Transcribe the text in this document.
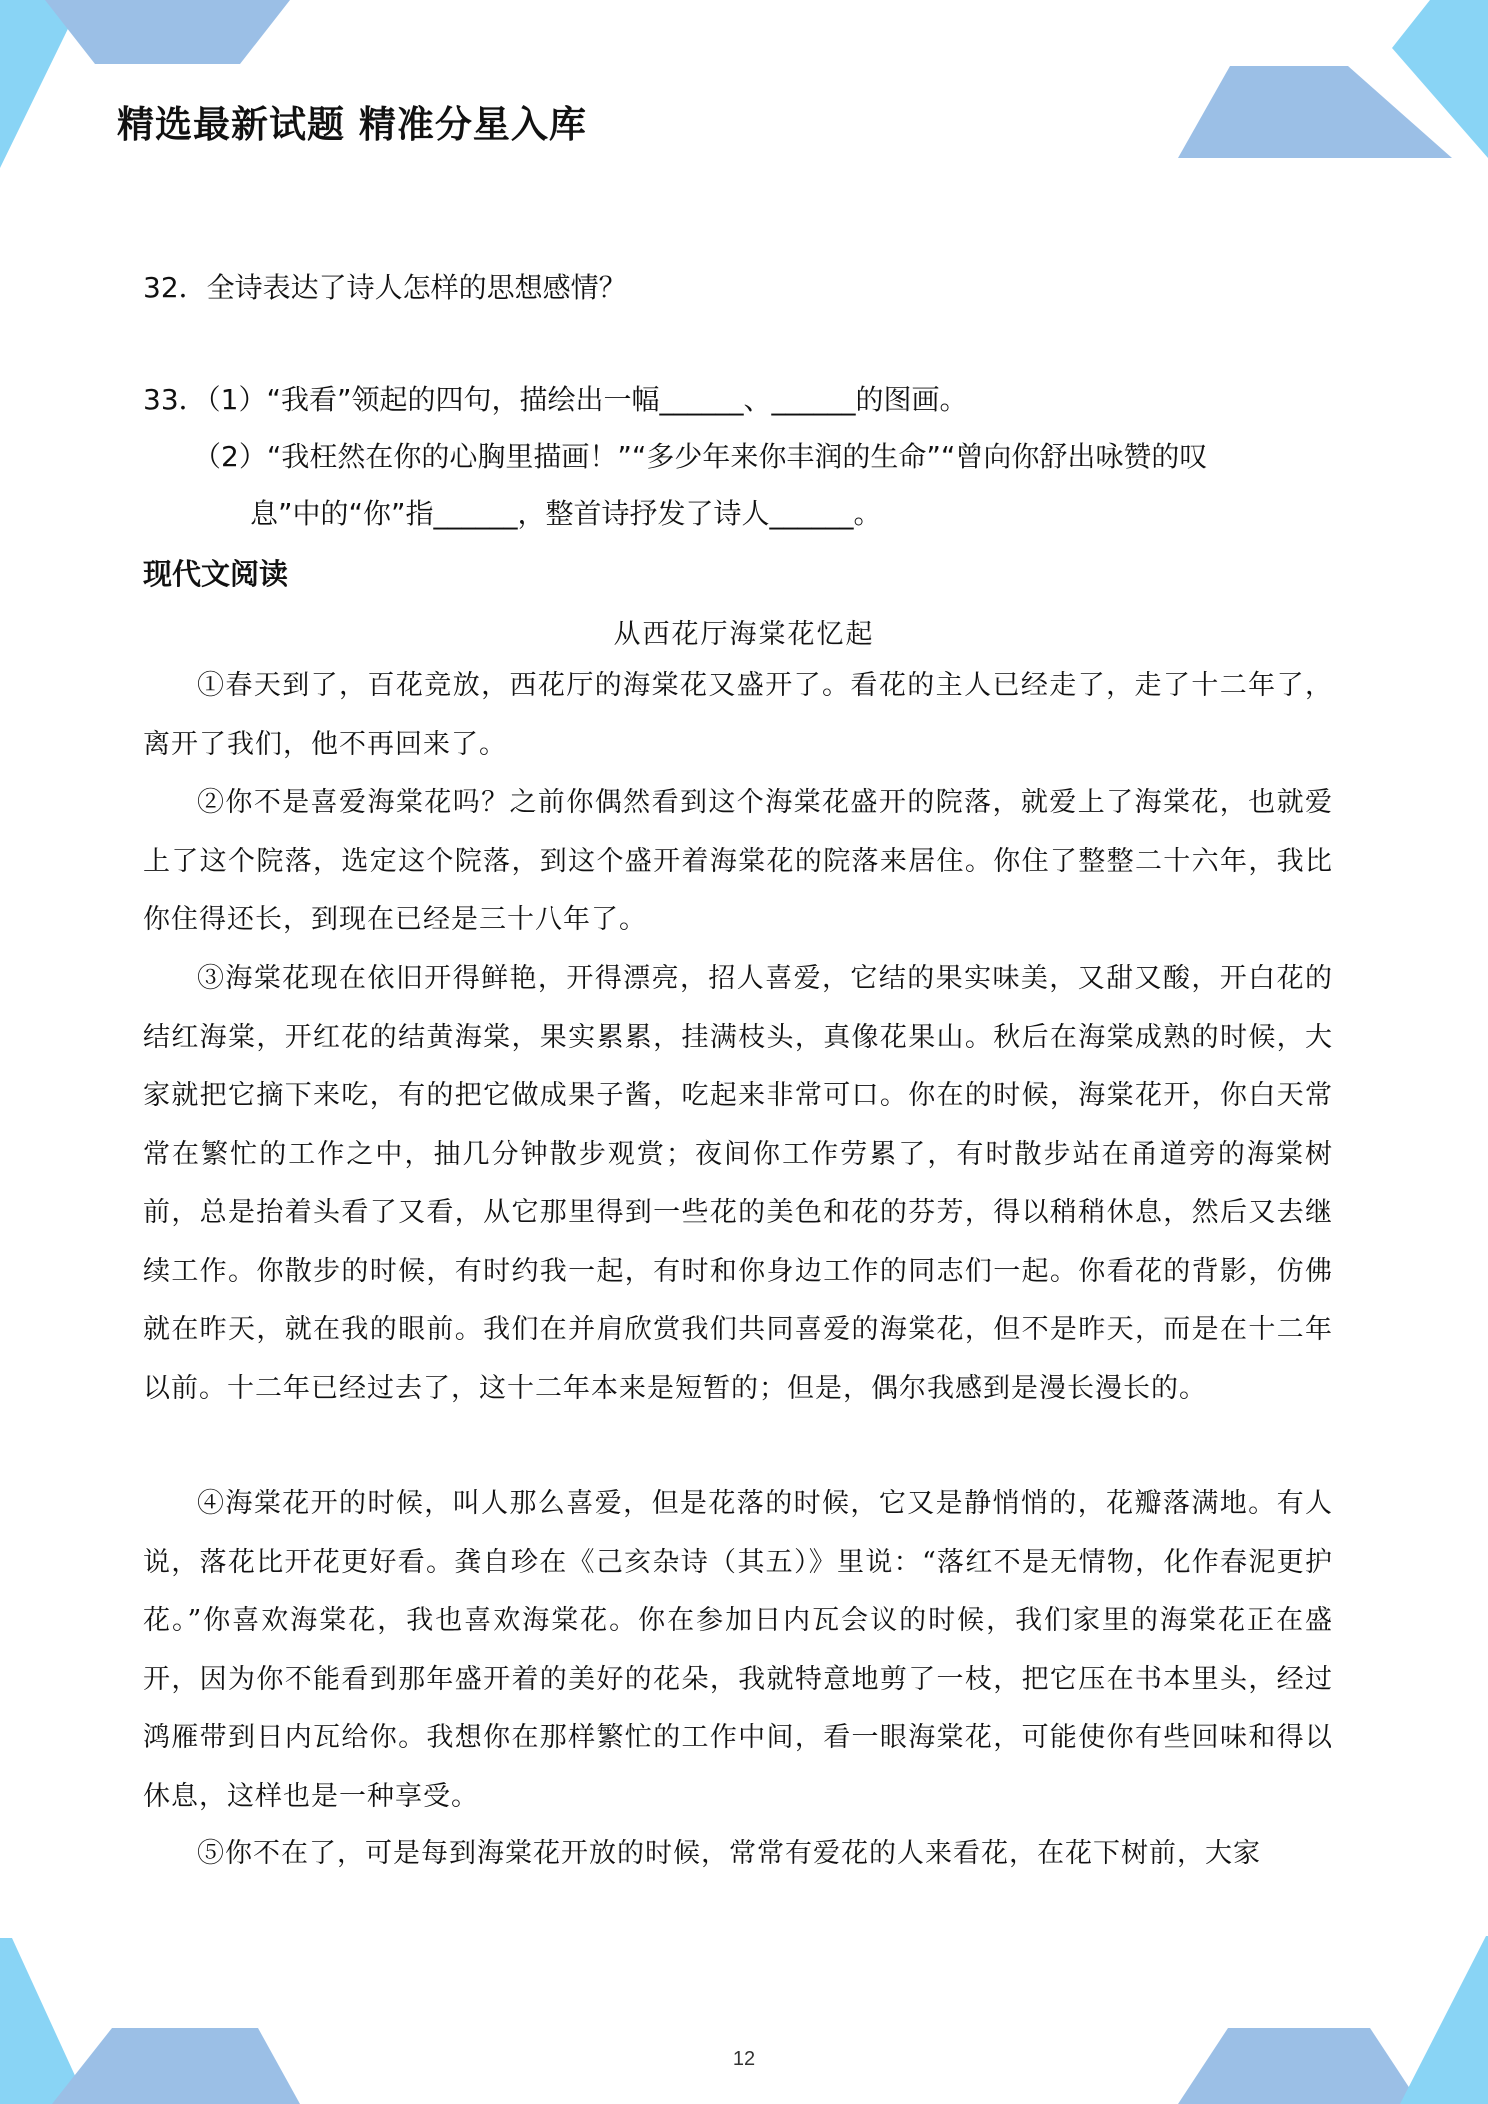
精选最新试题 精准分星入库
32．全诗表达了诗人怎样的思想感情？
33．（1）“我看”领起的四句，描绘出一幅______、______的图画。
（2）“我枉然在你的心胸里描画！”“多少年来你丰润的生命”“曾向你舒出咏赞的叹
息”中的“你”指______，整首诗抒发了诗人______。
现代文阅读
从西花厅海棠花忆起
①春天到了，百花竞放，西花厅的海棠花又盛开了。看花的主人已经走了，走了十二年了，离开了我们，他不再回来了。
②你不是喜爱海棠花吗？之前你偶然看到这个海棠花盛开的院落，就爱上了海棠花，也就爱上了这个院落，选定这个院落，到这个盛开着海棠花的院落来居住。你住了整整二十六年，我比你住得还长，到现在已经是三十八年了。
③海棠花现在依旧开得鲜艳，开得漂亮，招人喜爱，它结的果实味美，又甜又酸，开白花的结红海棠，开红花的结黄海棠，果实累累，挂满枝头，真像花果山。秋后在海棠成熟的时候，大家就把它摘下来吃，有的把它做成果子酱，吃起来非常可口。你在的时候，海棠花开，你白天常常在繁忙的工作之中，抽几分钟散步观赏；夜间你工作劳累了，有时散步站在甬道旁的海棠树前，总是抬着头看了又看，从它那里得到一些花的美色和花的芬芳，得以稍稍休息，然后又去继续工作。你散步的时候，有时约我一起，有时和你身边工作的同志们一起。你看花的背影，仿佛就在昨天，就在我的眼前。我们在并肩欣赏我们共同喜爱的海棠花，但不是昨天，而是在十二年以前。十二年已经过去了，这十二年本来是短暂的；但是，偶尔我感到是漫长漫长的。
④海棠花开的时候，叫人那么喜爱，但是花落的时候，它又是静悄悄的，花瓣落满地。有人说，落花比开花更好看。龚自珍在《己亥杂诗（其五）》里说：“落红不是无情物，化作春泥更护花。”你喜欢海棠花，我也喜欢海棠花。你在参加日内瓦会议的时候，我们家里的海棠花正在盛开，因为你不能看到那年盛开着的美好的花朵，我就特意地剪了一枝，把它压在书本里头，经过鸿雁带到日内瓦给你。我想你在那样繁忙的工作中间，看一眼海棠花，可能使你有些回味和得以休息，这样也是一种享受。
⑤你不在了，可是每到海棠花开放的时候，常常有爱花的人来看花，在花下树前，大家
12
